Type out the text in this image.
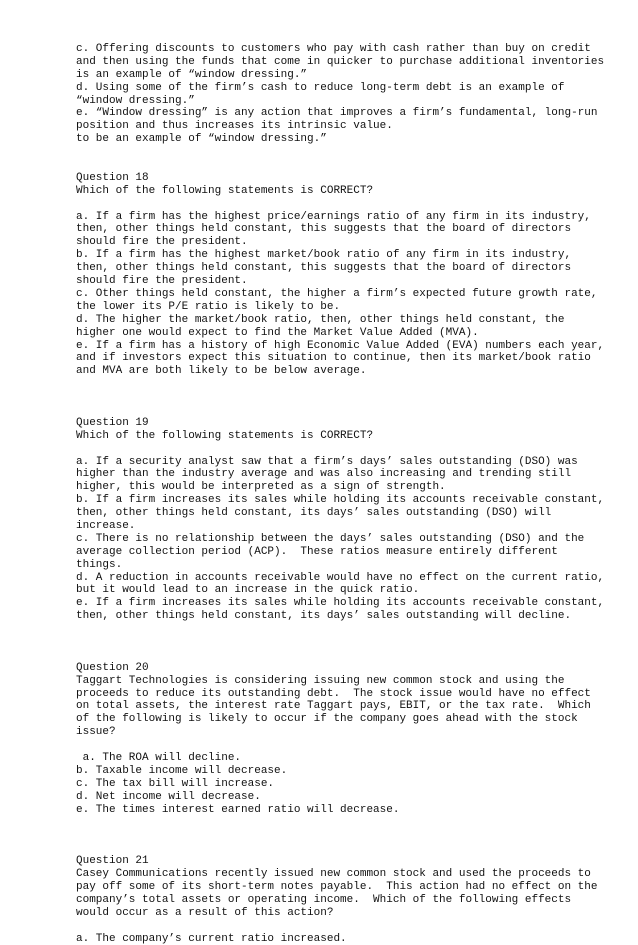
c. Offering discounts to customers who pay with cash rather than buy on credit
and then using the funds that come in quicker to purchase additional inventories
is an example of “window dressing.”
d. Using some of the firm’s cash to reduce long-term debt is an example of
“window dressing.”
e. “Window dressing” is any action that improves a firm’s fundamental, long-run
position and thus increases its intrinsic value.
to be an example of “window dressing.”
Question 18
Which of the following statements is CORRECT?
a. If a firm has the highest price/earnings ratio of any firm in its industry,
then, other things held constant, this suggests that the board of directors
should fire the president.
b. If a firm has the highest market/book ratio of any firm in its industry,
then, other things held constant, this suggests that the board of directors
should fire the president.
c. Other things held constant, the higher a firm’s expected future growth rate,
the lower its P/E ratio is likely to be.
d. The higher the market/book ratio, then, other things held constant, the
higher one would expect to find the Market Value Added (MVA).
e. If a firm has a history of high Economic Value Added (EVA) numbers each year,
and if investors expect this situation to continue, then its market/book ratio
and MVA are both likely to be below average.
Question 19
Which of the following statements is CORRECT?
a. If a security analyst saw that a firm’s days’ sales outstanding (DSO) was
higher than the industry average and was also increasing and trending still
higher, this would be interpreted as a sign of strength.
b. If a firm increases its sales while holding its accounts receivable constant,
then, other things held constant, its days’ sales outstanding (DSO) will
increase.
c. There is no relationship between the days’ sales outstanding (DSO) and the
average collection period (ACP).  These ratios measure entirely different
things.
d. A reduction in accounts receivable would have no effect on the current ratio,
but it would lead to an increase in the quick ratio.
e. If a firm increases its sales while holding its accounts receivable constant,
then, other things held constant, its days’ sales outstanding will decline.
Question 20
Taggart Technologies is considering issuing new common stock and using the
proceeds to reduce its outstanding debt.  The stock issue would have no effect
on total assets, the interest rate Taggart pays, EBIT, or the tax rate.  Which
of the following is likely to occur if the company goes ahead with the stock
issue?
a. The ROA will decline.
b. Taxable income will decrease.
c. The tax bill will increase.
d. Net income will decrease.
e. The times interest earned ratio will decrease.
Question 21
Casey Communications recently issued new common stock and used the proceeds to
pay off some of its short-term notes payable.  This action had no effect on the
company’s total assets or operating income.  Which of the following effects
would occur as a result of this action?
a. The company’s current ratio increased.
